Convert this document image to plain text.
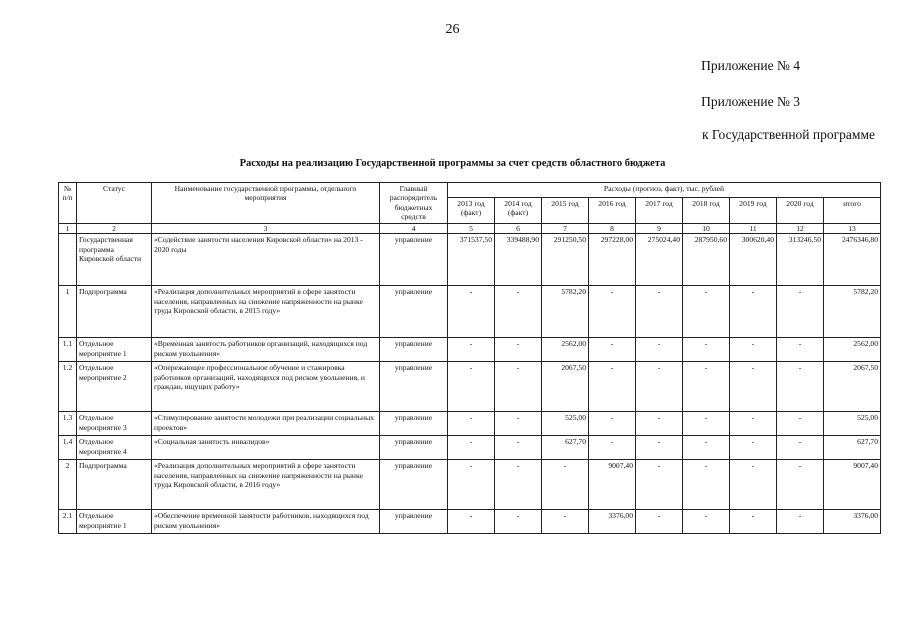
26
Приложение № 4
Приложение № 3
к Государственной программе
Расходы на реализацию Государственной программы за счет средств областного бюджета
№ п/п	Статус	Наименование государственной программы, отдельного мероприятия	Главный распорядитель бюджетных средств	Расходы (прогноз, факт), тыс. рублей								
				2013 год (факт)	2014 год (факт)	2015 год	2016 год	2017 год	2018 год	2019 год	2020 год	итого
1	2	3	4	5	6	7	8	9	10	11	12	13
	Государственная программа Кировской области	«Содействие занятости населения Кировской области» на 2013 - 2020 годы	управление	371537,50	339488,90	291250,50	297228,00	275024,40	287950,60	300620,40	313246,50	2476346,80
1	Подпрограмма	«Реализация дополнительных мероприятий в сфере занятости населения, направленных на снижение напряженности на рынке труда Кировской области, в 2015 году»	управление	-	-	5782,20	-	-	-	-	-	5782,20
1.1	Отдельное мероприятие 1	«Временная занятость работников организаций, находящихся под риском увольнения»	управление	-	-	2562,00	-	-	-	-	-	2562,00
1.2	Отдельное мероприятие 2	«Опережающее профессиональное обучение и стажировка работников организаций, находящихся под риском увольнения, и граждан, ищущих работу»	управление	-	-	2067,50	-	-	-	-	-	2067,50
1.3	Отдельное мероприятие 3	«Стимулирование занятости молодежи при реализации социальных проектов»	управление	-	-	525,00	-	-	-	-	-	525,00
1.4	Отдельное мероприятие 4	«Социальная занятость инвалидов»	управление	-	-	627,70	-	-	-	-	-	627,70
2	Подпрограмма	«Реализация дополнительных мероприятий в сфере занятости населения, направленных на снижение напряженности на рынке труда Кировской области, в 2016 году»	управление	-	-	-	9007,40	-	-	-	-	9007,40
2.1	Отдельное мероприятие 1	«Обеспечение временной занятости работников, находящихся под риском увольнения»	управление	-	-	-	3376,00	-	-	-	-	3376,00
